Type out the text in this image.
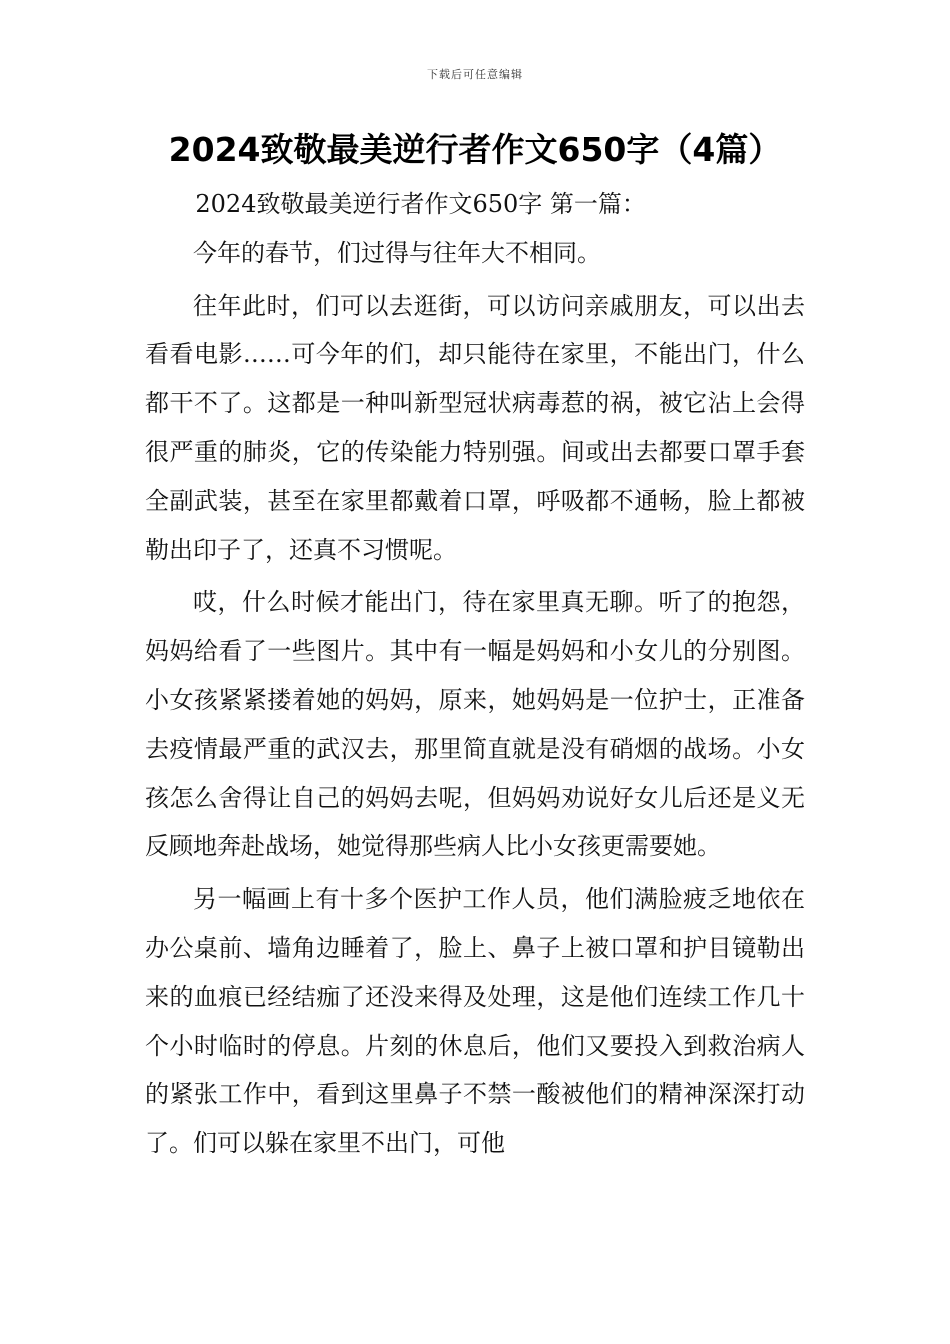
下载后可任意编辑
2024致敬最美逆行者作文650字（4篇）

2024致敬最美逆行者作文650字 第一篇：

今年的春节，们过得与往年大不相同。

往年此时，们可以去逛街，可以访问亲戚朋友，可以出去看看电影……可今年的们，却只能待在家里，不能出门，什么都干不了。这都是一种叫新型冠状病毒惹的祸，被它沾上会得很严重的肺炎，它的传染能力特别强。间或出去都要口罩手套全副武装，甚至在家里都戴着口罩，呼吸都不通畅，脸上都被勒出印子了，还真不习惯呢。

哎，什么时候才能出门，待在家里真无聊。听了的抱怨，妈妈给看了一些图片。其中有一幅是妈妈和小女儿的分别图。小女孩紧紧搂着她的妈妈，原来，她妈妈是一位护士，正准备去疫情最严重的武汉去，那里简直就是没有硝烟的战场。小女孩怎么舍得让自己的妈妈去呢，但妈妈劝说好女儿后还是义无反顾地奔赴战场，她觉得那些病人比小女孩更需要她。

另一幅画上有十多个医护工作人员，他们满脸疲乏地依在办公桌前、墙角边睡着了，脸上、鼻子上被口罩和护目镜勒出来的血痕已经结痂了还没来得及处理，这是他们连续工作几十个小时临时的停息。片刻的休息后，他们又要投入到救治病人的紧张工作中，看到这里鼻子不禁一酸被他们的精神深深打动了。们可以躲在家里不出门，可他
